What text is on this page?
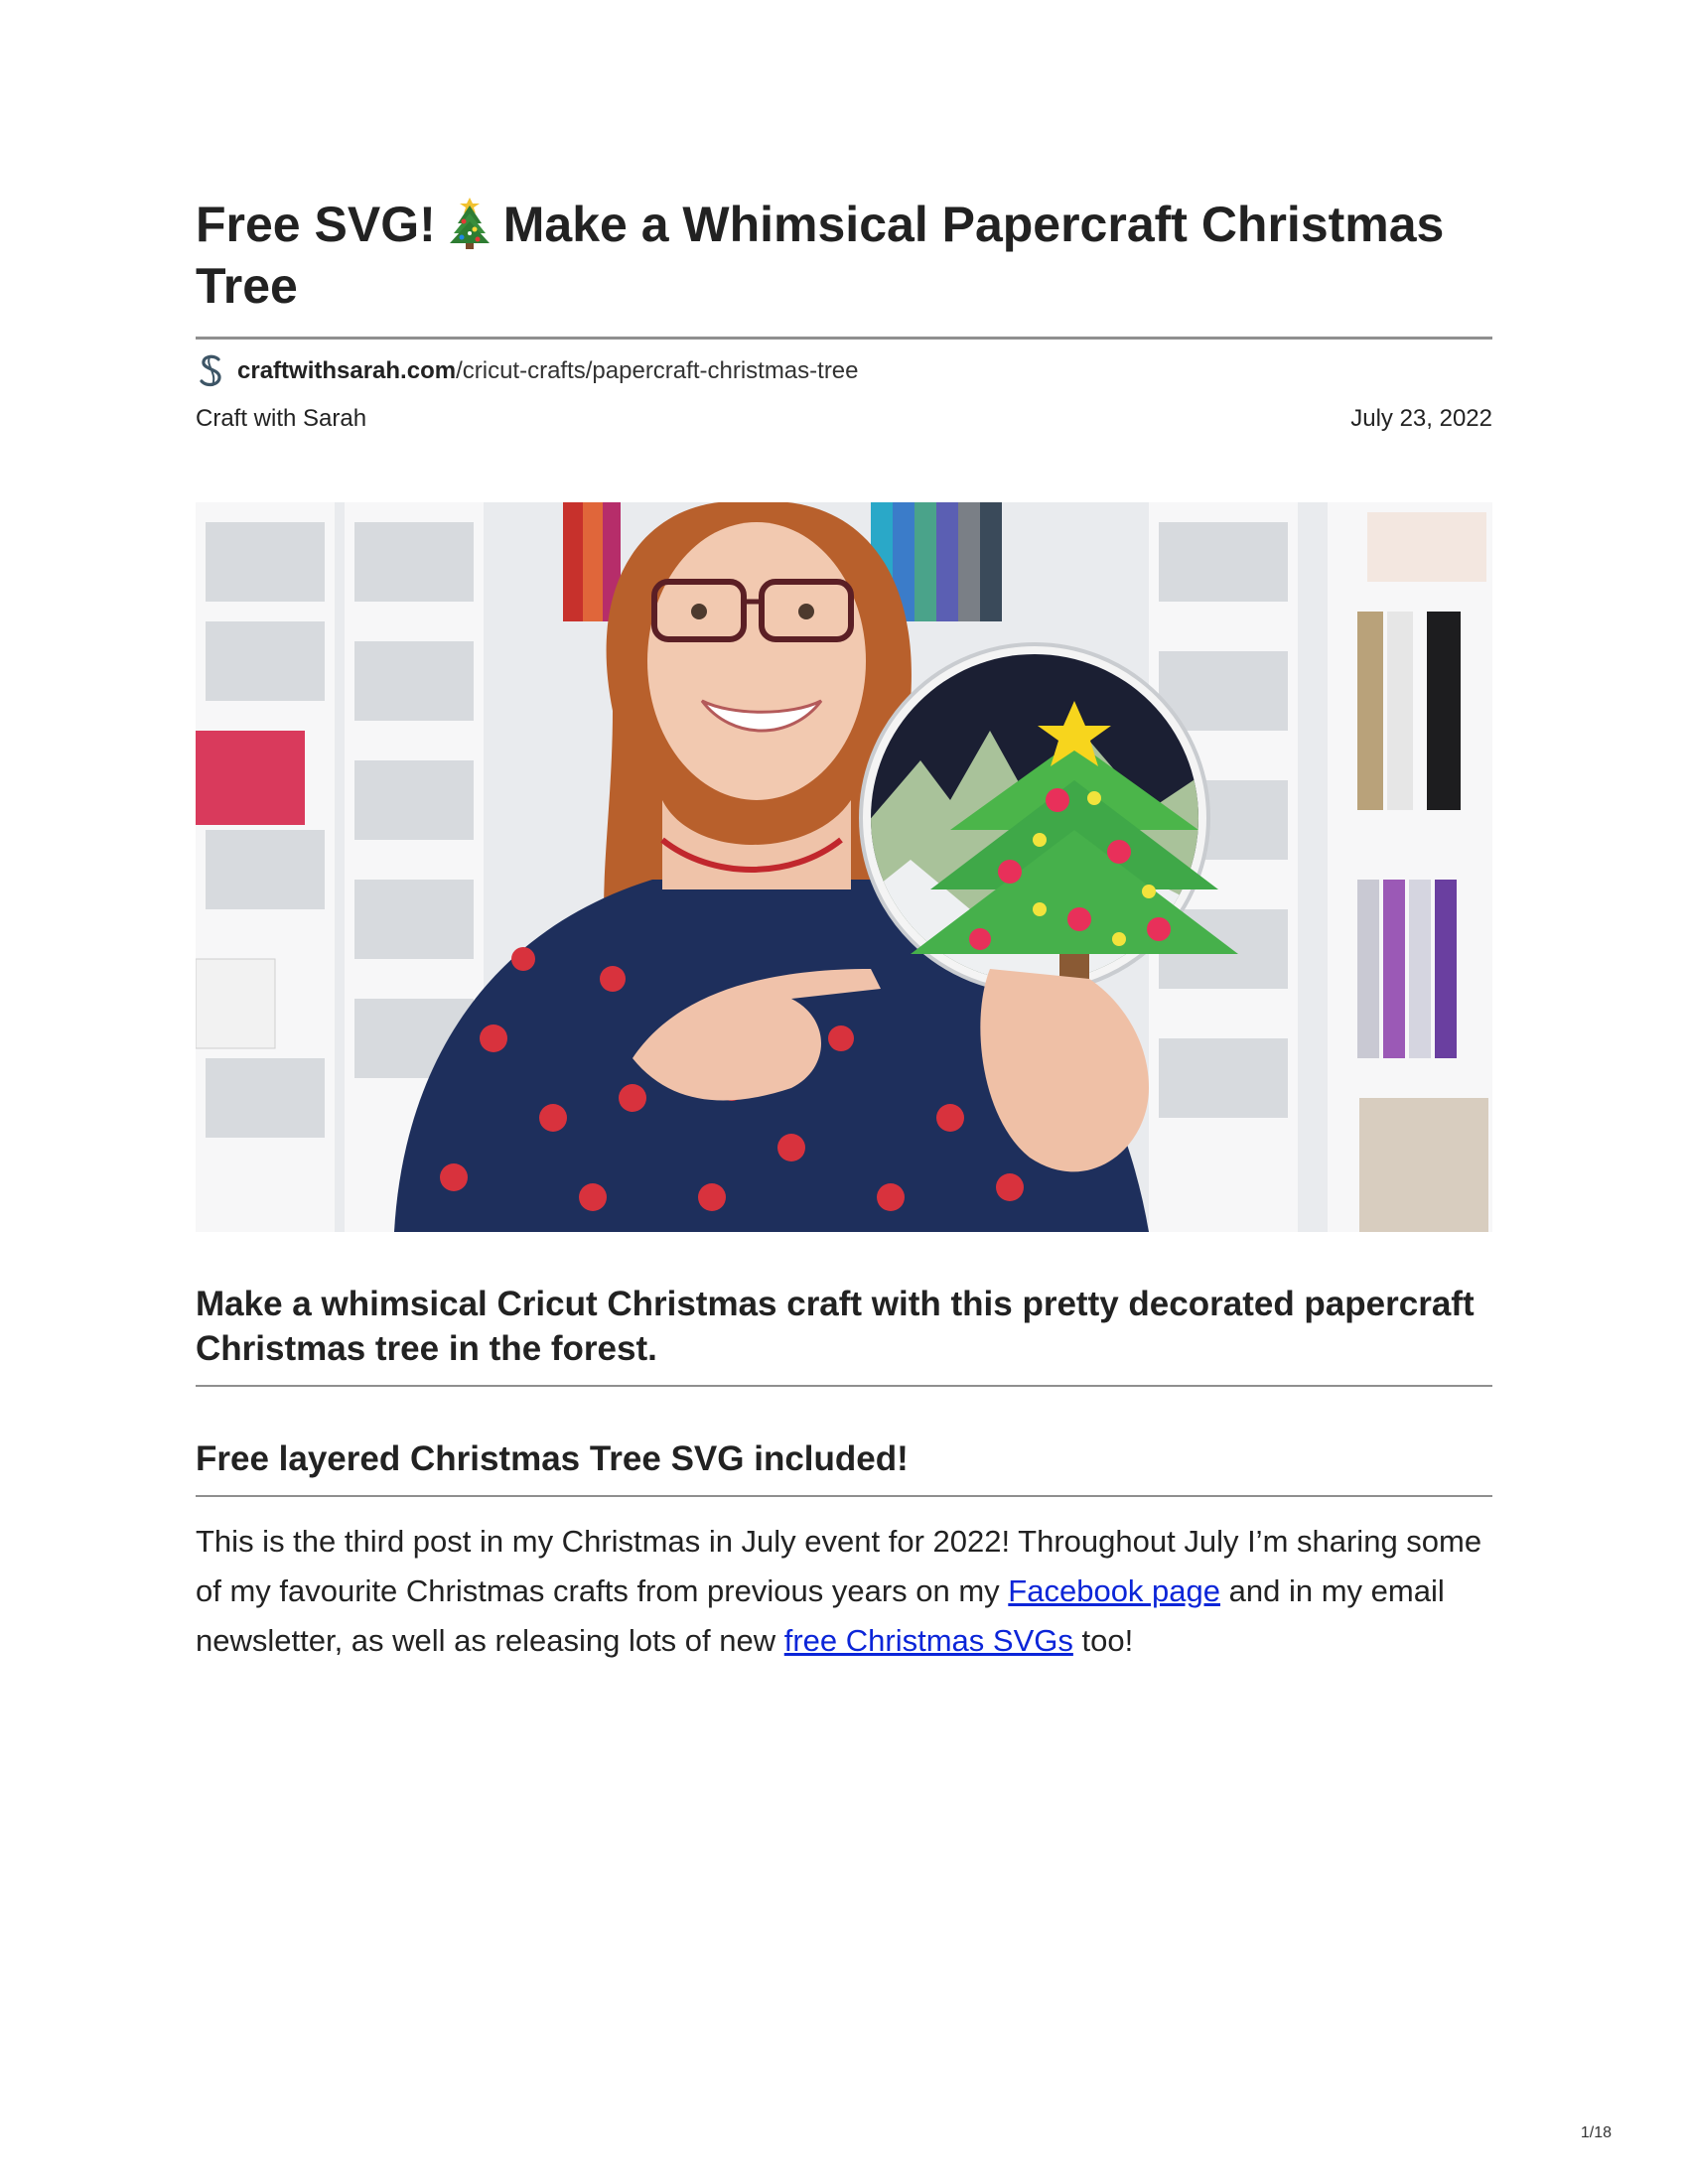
Free SVG! Make a Whimsical Papercraft Christmas Tree
craftwithsarah.com /cricut-crafts/papercraft-christmas-tree
Craft with Sarah	July 23, 2022

Make a whimsical Cricut Christmas craft with this pretty decorated papercraft Christmas tree in the forest.

Free layered Christmas Tree SVG included!

This is the third post in my Christmas in July event for 2022! Throughout July I’m sharing some of my favourite Christmas crafts from previous years on my Facebook page and in my email newsletter, as well as releasing lots of new free Christmas SVGs too!

1/18
